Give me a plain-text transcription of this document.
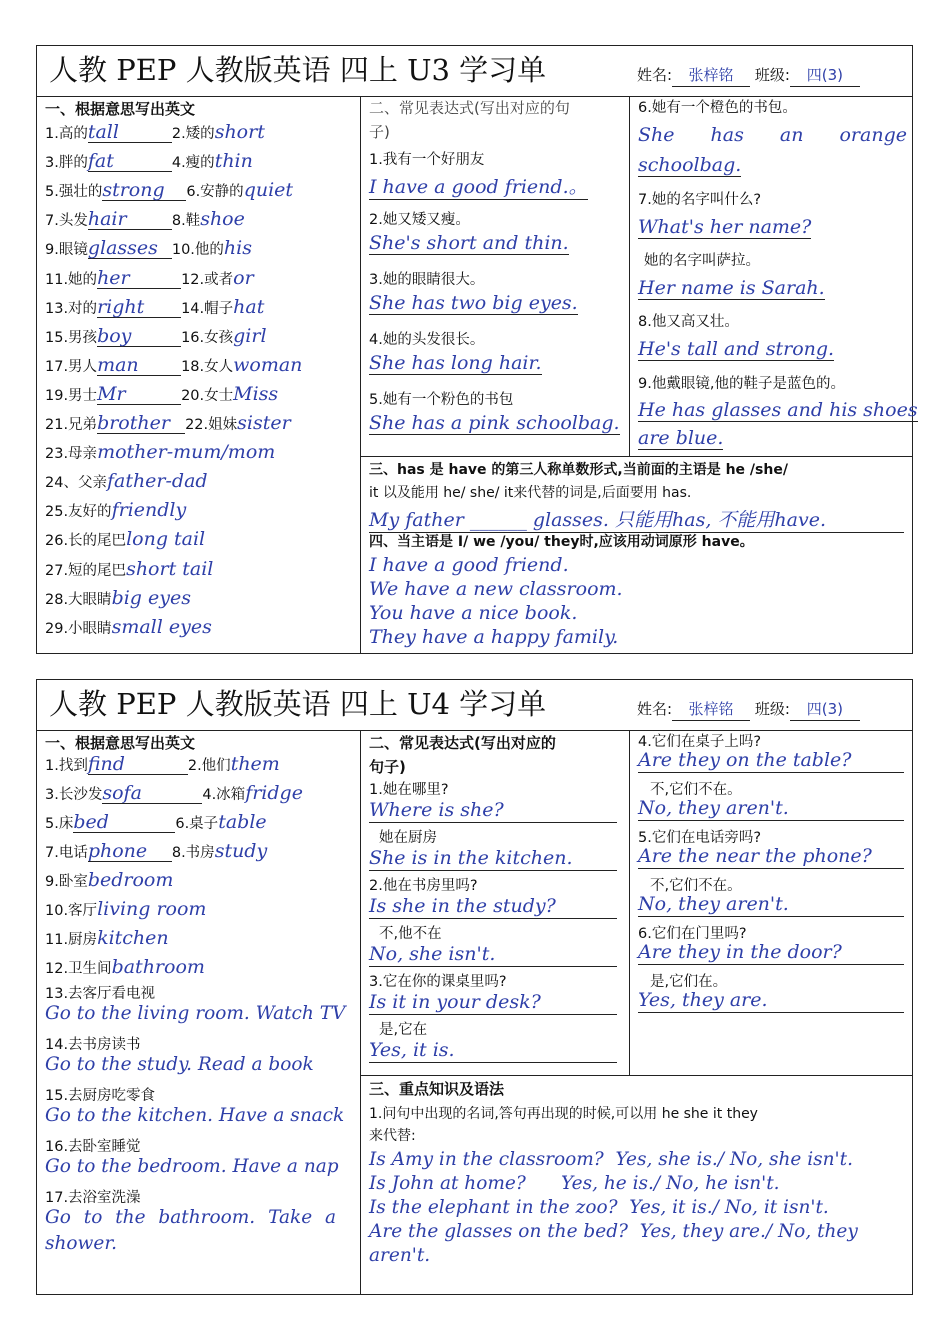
人教 PEP 人教版英语 四上 U3 学习单	姓名: 张梓铭 班级: 四(3)
一、根据意思写出英文
1.高的tall	2.矮的short
3.胖的fat	4.瘦的thin
5.强壮的strong 6.安静的quiet
7.头发hair	8.鞋shoe
9.眼镜glasses 10.他的his
11.她的her	12.或者or
13.对的right	14.帽子hat
15.男孩boy	16.女孩girl
17.男人man	18.女人woman
19.男士Mr	20.女士Miss
21.兄弟brother 22.姐妹sister
23.母亲mother-mum/mom
24、父亲father-dad
25.友好的friendly
26.长的尾巴long tail
27.短的尾巴short tail
28.大眼睛big eyes
29.小眼睛small eyes
二、常见表达式(写出对应的句
子)
1.我有一个好朋友
I have a good friend.。
2.她又矮又瘦。
She's short and thin.
3.她的眼睛很大。
She has two big eyes.
4.她的头发很长。
She has long hair.
5.她有一个粉色的书包
She has a pink schoolbag.
6.她有一个橙色的书包。
She has an orange
schoolbag.
7.她的名字叫什么?
What's her name?
她的名字叫萨拉。
Her name is Sarah.
8.他又高又壮。
He's tall and strong.
9.他戴眼镜,他的鞋子是蓝色的。
He has glasses and his shoes
are blue.
三、has 是 have 的第三人称单数形式,当前面的主语是 he /she/
it 以及能用 he/ she/ it来代替的词是,后面要用 has.
My father ______ glasses. 只能用has, 不能用have.
四、当主语是 I/ we /you/ they时,应该用动词原形 have。
I have a good friend.
We have a new classroom.
You have a nice book.
They have a happy family.
人教 PEP 人教版英语 四上 U4 学习单	姓名: 张梓铭 班级: 四(3)
一、根据意思写出英文
1.找到find	2.他们them
3.长沙发sofa	4.冰箱fridge
5.床bed	6.桌子table
7.电话phone 8.书房study
9.卧室bedroom
10.客厅living room
11.厨房kitchen
12.卫生间bathroom
13.去客厅看电视
Go to the living room. Watch TV
14.去书房读书
Go to the study. Read a book
15.去厨房吃零食
Go to the kitchen. Have a snack
16.去卧室睡觉
Go to the bedroom. Have a nap
17.去浴室洗澡
Go to the bathroom. Take a
shower.
二、常见表达式(写出对应的
句子)
1.她在哪里?
Where is she?
她在厨房
She is in the kitchen.
2.他在书房里吗?
Is she in the study?
不,他不在
No, she isn't.
3.它在你的课桌里吗?
Is it in your desk?
是,它在
Yes, it is.
4.它们在桌子上吗?
Are they on the table?
不,它们不在。
No, they aren't.
5.它们在电话旁吗?
Are the near the phone?
不,它们不在。
No, they aren't.
6.它们在门里吗?
Are they in the door?
是,它们在。
Yes, they are.
三、重点知识及语法
1.问句中出现的名词,答句再出现的时候,可以用 he she it they
来代替:
Is Amy in the classroom?  Yes, she is./ No, she isn't.
Is John at home?      Yes, he is./ No, he isn't.
Is the elephant in the zoo?  Yes, it is./ No, it isn't.
Are the glasses on the bed?  Yes, they are./ No, they
aren't.
